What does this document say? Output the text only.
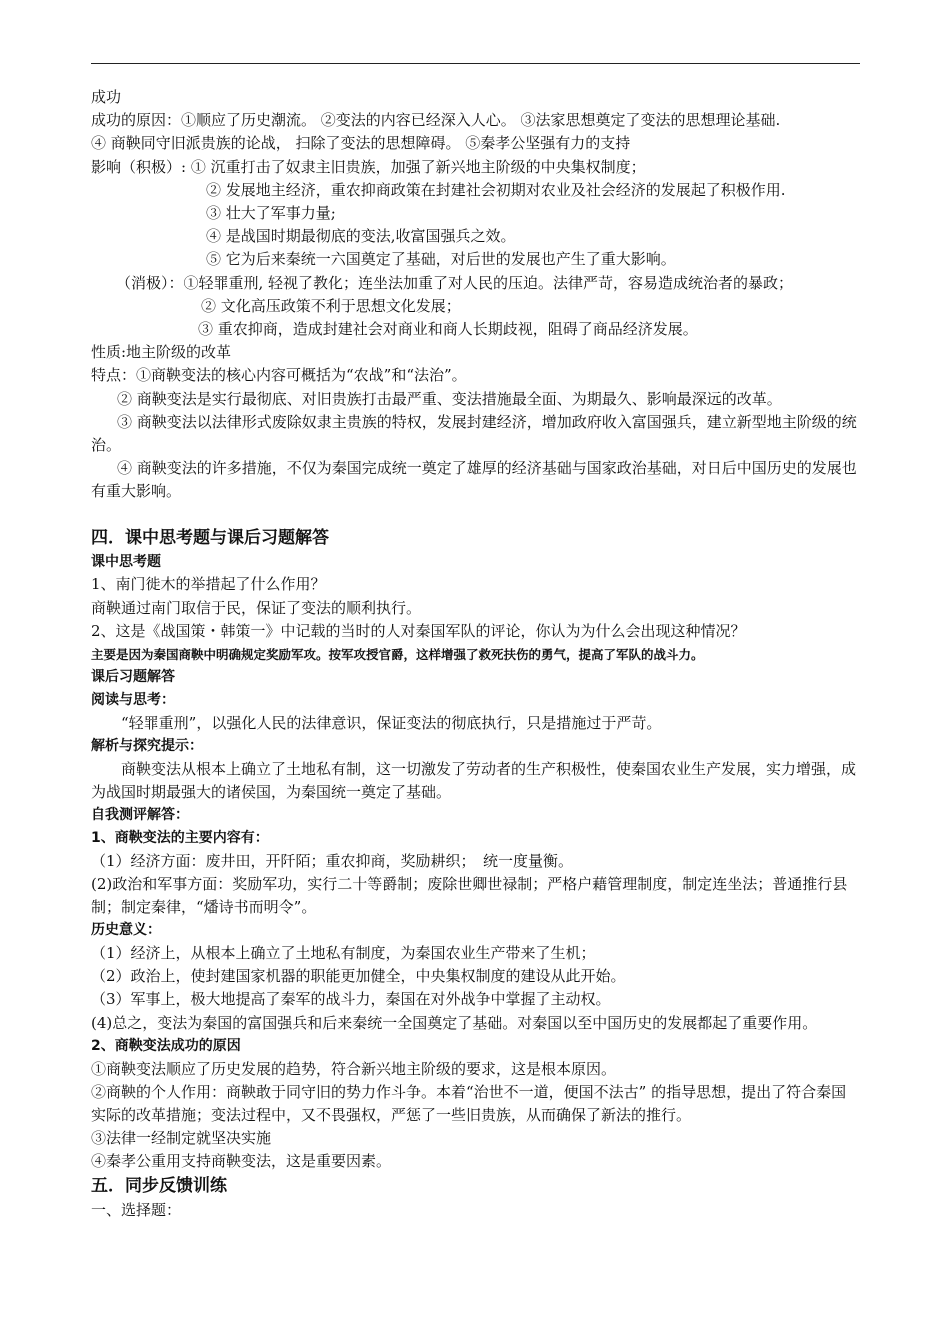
成功
成功的原因：①顺应了历史潮流。 ②变法的内容已经深入人心。 ③法家思想奠定了变法的思想理论基础.
④ 商鞅同守旧派贵族的论战， 扫除了变法的思想障碍。 ⑤秦孝公坚强有力的支持
影响（积极）: ① 沉重打击了奴隶主旧贵族，加强了新兴地主阶级的中央集权制度；
② 发展地主经济，重农抑商政策在封建社会初期对农业及社会经济的发展起了积极作用.
③ 壮大了军事力量;
④ 是战国时期最彻底的变法,收富国强兵之效。
⑤ 它为后来秦统一六国奠定了基础，对后世的发展也产生了重大影响。
（消极）：①轻罪重刑, 轻视了教化；连坐法加重了对人民的压迫。法律严苛，容易造成统治者的暴政；
② 文化高压政策不利于思想文化发展；
③ 重农抑商，造成封建社会对商业和商人长期歧视，阻碍了商品经济发展。
性质:地主阶级的改革
特点：①商鞅变法的核心内容可概括为“农战”和“法治”。
② 商鞅变法是实行最彻底、对旧贵族打击最严重、变法措施最全面、为期最久、影响最深远的改革。
③ 商鞅变法以法律形式废除奴隶主贵族的特权，发展封建经济，增加政府收入富国强兵，建立新型地主阶级的统治。
④ 商鞅变法的许多措施，不仅为秦国完成统一奠定了雄厚的经济基础与国家政治基础，对日后中国历史的发展也有重大影响。
四．课中思考题与课后习题解答
课中思考题
1、南门徙木的举措起了什么作用？
商鞅通过南门取信于民，保证了变法的顺利执行。
2、这是《战国策・韩策一》中记载的当时的人对秦国军队的评论，你认为为什么会出现这种情况？
主要是因为秦国商鞅中明确规定奖励军攻。按军攻授官爵，这样增强了救死扶伤的勇气，提高了军队的战斗力。
课后习题解答
阅读与思考：
“轻罪重刑”，以强化人民的法律意识，保证变法的彻底执行，只是措施过于严苛。
解析与探究提示：
商鞅变法从根本上确立了土地私有制，这一切激发了劳动者的生产积极性，使秦国农业生产发展，实力增强，成为战国时期最强大的诸侯国，为秦国统一奠定了基础。
自我测评解答：
1、商鞅变法的主要内容有：
（1）经济方面：废井田，开阡陌；重农抑商，奖励耕织；　统一度量衡。
(2)政治和军事方面：奖励军功，实行二十等爵制；废除世卿世禄制；严格户藉管理制度，制定连坐法；普通推行县制；制定秦律，“燔诗书而明令”。
历史意义：
（1）经济上，从根本上确立了土地私有制度，为秦国农业生产带来了生机；
（2）政治上，使封建国家机器的职能更加健全，中央集权制度的建设从此开始。
（3）军事上，极大地提高了秦军的战斗力，秦国在对外战争中掌握了主动权。
(4)总之，变法为秦国的富国强兵和后来秦统一全国奠定了基础。对秦国以至中国历史的发展都起了重要作用。
2、商鞅变法成功的原因
①商鞅变法顺应了历史发展的趋势，符合新兴地主阶级的要求，这是根本原因。
②商鞅的个人作用：商鞅敢于同守旧的势力作斗争。本着“治世不一道，便国不法古” 的指导思想，提出了符合秦国实际的改革措施；变法过程中，又不畏强权，严惩了一些旧贵族，从而确保了新法的推行。
③法律一经制定就坚决实施
④秦孝公重用支持商鞅变法，这是重要因素。
五．同步反馈训练
一、选择题：
